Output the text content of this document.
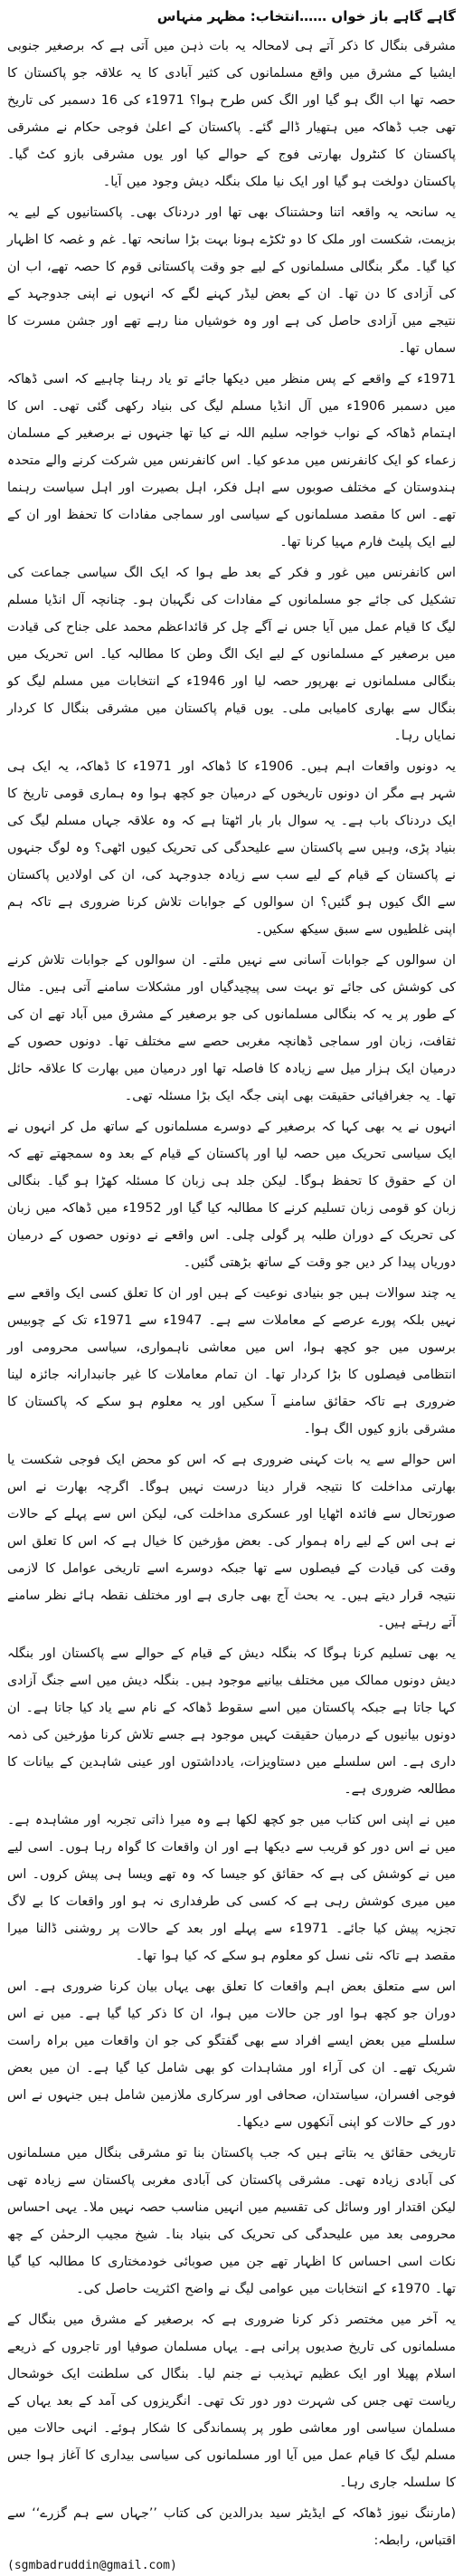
گاہے گاہے باز خواں ……انتخاب: مظہر منہاس

مشرقی بنگال کا ذکر آتے ہی لامحالہ یہ بات ذہن میں آتی ہے کہ برصغیر جنوبی ایشیا کے مشرق میں واقع مسلمانوں کی کثیر آبادی کا یہ علاقہ جو پاکستان کا حصہ تھا اب الگ ہو گیا اور الگ کس طرح ہوا؟ 1971ء کی 16 دسمبر کی تاریخ تھی جب ڈھاکہ میں ہتھیار ڈالے گئے۔ پاکستان کے اعلیٰ فوجی حکام نے مشرقی پاکستان کا کنٹرول بھارتی فوج کے حوالے کیا اور یوں مشرقی بازو کٹ گیا۔ پاکستان دولخت ہو گیا اور ایک نیا ملک بنگلہ دیش وجود میں آیا۔

یہ سانحہ یہ واقعہ اتنا وحشتناک بھی تھا اور دردناک بھی۔ پاکستانیوں کے لیے یہ بزیمت، شکست اور ملک کا دو ٹکڑے ہونا بہت بڑا سانحہ تھا۔ غم و غصہ کا اظہار کیا گیا۔ مگر بنگالی مسلمانوں کے لیے جو وقت پاکستانی قوم کا حصہ تھے، اب ان کی آزادی کا دن تھا۔ ان کے بعض لیڈر کہنے لگے کہ انہوں نے اپنی جدوجہد کے نتیجے میں آزادی حاصل کی ہے اور وہ خوشیاں منا رہے تھے اور جشن مسرت کا سماں تھا۔

1971ء کے واقعے کے پس منظر میں دیکھا جائے تو یاد رہنا چاہیے کہ اسی ڈھاکہ میں دسمبر 1906ء میں آل انڈیا مسلم لیگ کی بنیاد رکھی گئی تھی۔ اس کا اہتمام ڈھاکہ کے نواب خواجہ سلیم اللہ نے کیا تھا جنہوں نے برصغیر کے مسلمان زعماء کو ایک کانفرنس میں مدعو کیا۔ اس کانفرنس میں شرکت کرنے والے متحدہ ہندوستان کے مختلف صوبوں سے اہل فکر، اہل بصیرت اور اہل سیاست رہنما تھے۔ اس کا مقصد مسلمانوں کے سیاسی اور سماجی مفادات کا تحفظ اور ان کے لیے ایک پلیٹ فارم مہیا کرنا تھا۔

اس کانفرنس میں غور و فکر کے بعد طے ہوا کہ ایک الگ سیاسی جماعت کی تشکیل کی جائے جو مسلمانوں کے مفادات کی نگہبان ہو۔ چنانچہ آل انڈیا مسلم لیگ کا قیام عمل میں آیا جس نے آگے چل کر قائداعظم محمد علی جناح کی قیادت میں برصغیر کے مسلمانوں کے لیے ایک الگ وطن کا مطالبہ کیا۔ اس تحریک میں بنگالی مسلمانوں نے بھرپور حصہ لیا اور 1946ء کے انتخابات میں مسلم لیگ کو بنگال سے بھاری کامیابی ملی۔ یوں قیام پاکستان میں مشرقی بنگال کا کردار نمایاں رہا۔

یہ دونوں واقعات اہم ہیں۔ 1906ء کا ڈھاکہ اور 1971ء کا ڈھاکہ، یہ ایک ہی شہر ہے مگر ان دونوں تاریخوں کے درمیان جو کچھ ہوا وہ ہماری قومی تاریخ کا ایک دردناک باب ہے۔ یہ سوال بار بار اٹھتا ہے کہ وہ علاقہ جہاں مسلم لیگ کی بنیاد پڑی، وہیں سے پاکستان سے علیحدگی کی تحریک کیوں اٹھی؟ وہ لوگ جنہوں نے پاکستان کے قیام کے لیے سب سے زیادہ جدوجہد کی، ان کی اولادیں پاکستان سے الگ کیوں ہو گئیں؟ ان سوالوں کے جوابات تلاش کرنا ضروری ہے تاکہ ہم اپنی غلطیوں سے سبق سیکھ سکیں۔

ان سوالوں کے جوابات آسانی سے نہیں ملتے۔ ان سوالوں کے جوابات تلاش کرنے کی کوشش کی جائے تو بہت سی پیچیدگیاں اور مشکلات سامنے آتی ہیں۔ مثال کے طور پر یہ کہ بنگالی مسلمانوں کی جو برصغیر کے مشرق میں آباد تھے ان کی ثقافت، زبان اور سماجی ڈھانچہ مغربی حصے سے مختلف تھا۔ دونوں حصوں کے درمیان ایک ہزار میل سے زیادہ کا فاصلہ تھا اور درمیان میں بھارت کا علاقہ حائل تھا۔ یہ جغرافیائی حقیقت بھی اپنی جگہ ایک بڑا مسئلہ تھی۔

انہوں نے یہ بھی کہا کہ برصغیر کے دوسرے مسلمانوں کے ساتھ مل کر انہوں نے ایک سیاسی تحریک میں حصہ لیا اور پاکستان کے قیام کے بعد وہ سمجھتے تھے کہ ان کے حقوق کا تحفظ ہوگا۔ لیکن جلد ہی زبان کا مسئلہ کھڑا ہو گیا۔ بنگالی زبان کو قومی زبان تسلیم کرنے کا مطالبہ کیا گیا اور 1952ء میں ڈھاکہ میں زبان کی تحریک کے دوران طلبہ پر گولی چلی۔ اس واقعے نے دونوں حصوں کے درمیان دوریاں پیدا کر دیں جو وقت کے ساتھ بڑھتی گئیں۔

یہ چند سوالات ہیں جو بنیادی نوعیت کے ہیں اور ان کا تعلق کسی ایک واقعے سے نہیں بلکہ پورے عرصے کے معاملات سے ہے۔ 1947ء سے 1971ء تک کے چوبیس برسوں میں جو کچھ ہوا، اس میں معاشی ناہمواری، سیاسی محرومی اور انتظامی فیصلوں کا بڑا کردار تھا۔ ان تمام معاملات کا غیر جانبدارانہ جائزہ لینا ضروری ہے تاکہ حقائق سامنے آ سکیں اور یہ معلوم ہو سکے کہ پاکستان کا مشرقی بازو کیوں الگ ہوا۔

اس حوالے سے یہ بات کہنی ضروری ہے کہ اس کو محض ایک فوجی شکست یا بھارتی مداخلت کا نتیجہ قرار دینا درست نہیں ہوگا۔ اگرچہ بھارت نے اس صورتحال سے فائدہ اٹھایا اور عسکری مداخلت کی، لیکن اس سے پہلے کے حالات نے ہی اس کے لیے راہ ہموار کی۔ بعض مؤرخین کا خیال ہے کہ اس کا تعلق اس وقت کی قیادت کے فیصلوں سے تھا جبکہ دوسرے اسے تاریخی عوامل کا لازمی نتیجہ قرار دیتے ہیں۔ یہ بحث آج بھی جاری ہے اور مختلف نقطہ ہائے نظر سامنے آتے رہتے ہیں۔

یہ بھی تسلیم کرنا ہوگا کہ بنگلہ دیش کے قیام کے حوالے سے پاکستان اور بنگلہ دیش دونوں ممالک میں مختلف بیانیے موجود ہیں۔ بنگلہ دیش میں اسے جنگ آزادی کہا جاتا ہے جبکہ پاکستان میں اسے سقوط ڈھاکہ کے نام سے یاد کیا جاتا ہے۔ ان دونوں بیانیوں کے درمیان حقیقت کہیں موجود ہے جسے تلاش کرنا مؤرخین کی ذمہ داری ہے۔ اس سلسلے میں دستاویزات، یادداشتوں اور عینی شاہدین کے بیانات کا مطالعہ ضروری ہے۔

میں نے اپنی اس کتاب میں جو کچھ لکھا ہے وہ میرا ذاتی تجربہ اور مشاہدہ ہے۔ میں نے اس دور کو قریب سے دیکھا ہے اور ان واقعات کا گواہ رہا ہوں۔ اسی لیے میں نے کوشش کی ہے کہ حقائق کو جیسا کہ وہ تھے ویسا ہی پیش کروں۔ اس میں میری کوشش رہی ہے کہ کسی کی طرفداری نہ ہو اور واقعات کا بے لاگ تجزیہ پیش کیا جائے۔ 1971ء سے پہلے اور بعد کے حالات پر روشنی ڈالنا میرا مقصد ہے تاکہ نئی نسل کو معلوم ہو سکے کہ کیا ہوا تھا۔

اس سے متعلق بعض اہم واقعات کا تعلق بھی یہاں بیان کرنا ضروری ہے۔ اس دوران جو کچھ ہوا اور جن حالات میں ہوا، ان کا ذکر کیا گیا ہے۔ میں نے اس سلسلے میں بعض ایسے افراد سے بھی گفتگو کی جو ان واقعات میں براہ راست شریک تھے۔ ان کی آراء اور مشاہدات کو بھی شامل کیا گیا ہے۔ ان میں بعض فوجی افسران، سیاستدان، صحافی اور سرکاری ملازمین شامل ہیں جنہوں نے اس دور کے حالات کو اپنی آنکھوں سے دیکھا۔

تاریخی حقائق یہ بتاتے ہیں کہ جب پاکستان بنا تو مشرقی بنگال میں مسلمانوں کی آبادی زیادہ تھی۔ مشرقی پاکستان کی آبادی مغربی پاکستان سے زیادہ تھی لیکن اقتدار اور وسائل کی تقسیم میں انہیں مناسب حصہ نہیں ملا۔ یہی احساس محرومی بعد میں علیحدگی کی تحریک کی بنیاد بنا۔ شیخ مجیب الرحمٰن کے چھ نکات اسی احساس کا اظہار تھے جن میں صوبائی خودمختاری کا مطالبہ کیا گیا تھا۔ 1970ء کے انتخابات میں عوامی لیگ نے واضح اکثریت حاصل کی۔

یہ آخر میں مختصر ذکر کرنا ضروری ہے کہ برصغیر کے مشرق میں بنگال کے مسلمانوں کی تاریخ صدیوں پرانی ہے۔ یہاں مسلمان صوفیا اور تاجروں کے ذریعے اسلام پھیلا اور ایک عظیم تہذیب نے جنم لیا۔ بنگال کی سلطنت ایک خوشحال ریاست تھی جس کی شہرت دور دور تک تھی۔ انگریزوں کی آمد کے بعد یہاں کے مسلمان سیاسی اور معاشی طور پر پسماندگی کا شکار ہوئے۔ انہی حالات میں مسلم لیگ کا قیام عمل میں آیا اور مسلمانوں کی سیاسی بیداری کا آغاز ہوا جس کا سلسلہ جاری رہا۔

(مارننگ نیوز ڈھاکہ کے ایڈیٹر سید بدرالدین کی کتاب ’’جہاں سے ہم گزرے‘‘ سے اقتباس، رابطہ:

(sgmbadruddin@gmail.com)
